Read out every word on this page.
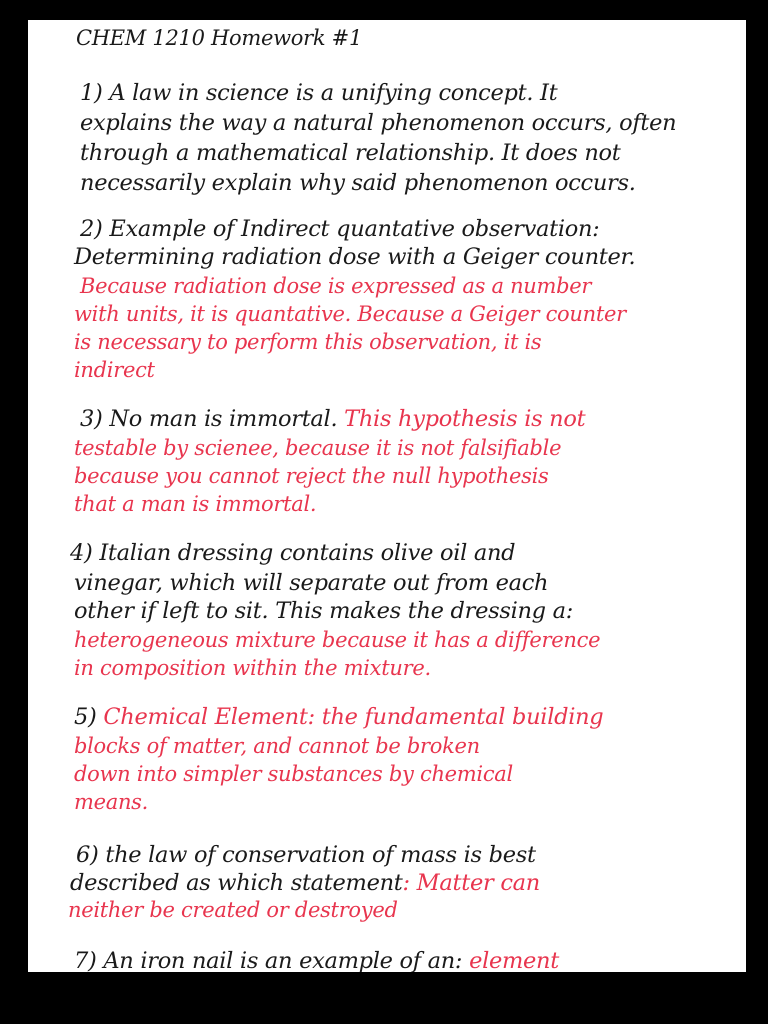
CHEM 1210 Homework #1
1) A law in science is a unifying concept. It
explains the way a natural phenomenon occurs, often
through a mathematical relationship. It does not
necessarily explain why said phenomenon occurs.
2) Example of Indirect quantative observation:
Determining radiation dose with a Geiger counter.
Because radiation dose is expressed as a number
with units, it is quantative. Because a Geiger counter
is necessary to perform this observation, it is
indirect
3) No man is immortal. This hypothesis is not
testable by scienee, because it is not falsifiable
because you cannot reject the null hypothesis
that a man is immortal.
4) Italian dressing contains olive oil and
vinegar, which will separate out from each
other if left to sit. This makes the dressing a:
heterogeneous mixture because it has a difference
in composition within the mixture.
5) Chemical Element: the fundamental building
blocks of matter, and cannot be broken
down into simpler substances by chemical
means.
6) the law of conservation of mass is best
described as which statement: Matter can
neither be created or destroyed
7) An iron nail is an example of an: element
